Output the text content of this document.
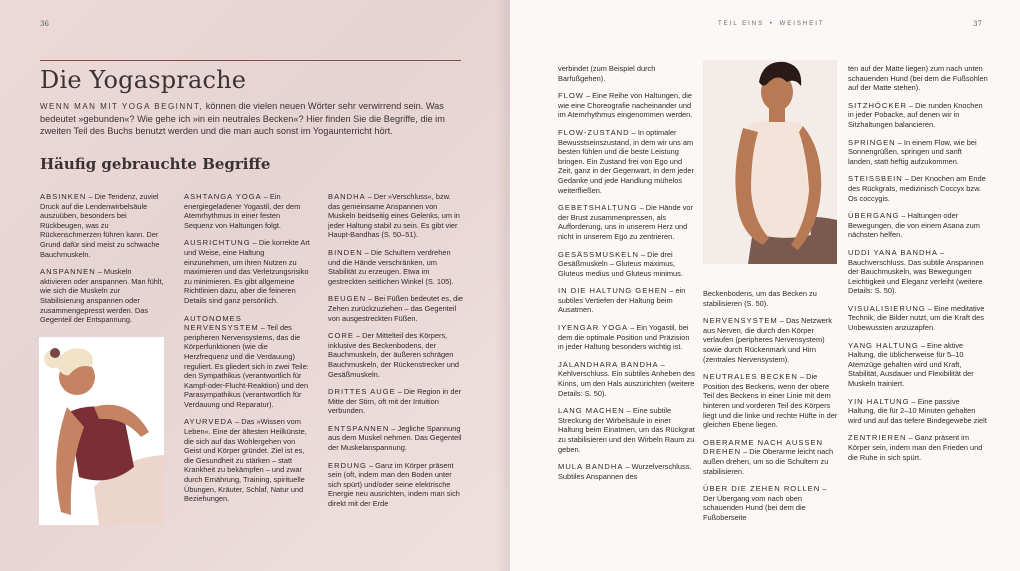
36
Die Yogasprache
WENN MAN MIT YOGA BEGINNT, können die vielen neuen Wörter sehr verwirrend sein. Was bedeutet »gebunden«? Wie gehe ich »in ein neutrales Becken«? Hier finden Sie die Begriffe, die im zweiten Teil des Buchs benutzt werden und die man auch sonst im Yogaunterricht hört.
Häufig gebrauchte Begriffe

ABSINKEN – Die Tendenz, zuviel Druck auf die Lendenwirbelsäule auszuüben, besonders bei Rückbeugen, was zu Rückenschmerzen führen kann. Der Grund dafür sind meist zu schwache Bauchmuskeln.

ANSPANNEN – Muskeln aktivieren oder anspannen. Man fühlt, wie sich die Muskeln zur Stabilisierung anspannen oder zusammengepresst werden. Das Gegenteil der Entspannung.

ASHTANGA YOGA – Ein energiegeladener Yogastil, der dem Atemrhythmus in einer festen Sequenz von Haltungen folgt.

AUSRICHTUNG – Die korrekte Art und Weise, eine Haltung einzunehmen, um ihren Nutzen zu maximieren und das Verletzungsrisiko zu minimieren. Es gibt allgemeine Richtlinien dazu, aber die feineren Details sind ganz persönlich.

AUTONOMES NERVENSYSTEM – Teil des peripheren Nervensystems, das die Körperfunktionen (wie die Herzfrequenz und die Verdauung) reguliert. Es gliedert sich in zwei Teile: den Sympathikus (verantwortlich für Kampf-oder-Flucht-Reaktion) und den Parasympathikus (verantwortlich für Verdauung und Reparatur).

AYURVEDA – Das »Wissen vom Leben«. Eine der ältesten Heilkünste, die sich auf das Wohlergehen von Geist und Körper gründet. Ziel ist es, die Gesundheit zu stärken – statt Krankheit zu bekämpfen – und zwar durch Ernährung, Training, spirituelle Übungen, Kräuter, Schlaf, Natur und Beziehungen.

BANDHA – Der »Verschluss«, bzw. das gemeinsame Anspannen von Muskeln beidseitig eines Gelenks, um in jeder Haltung stabil zu sein. Es gibt vier Haupt-Bandhas (S. 50–51).

BINDEN – Die Schultern verdrehen und die Hände verschränken, um Stabilität zu erzeugen. Etwa im gestreckten seitlichen Winkel (S. 105).

BEUGEN – Bei Füßen bedeutet es, die Zehen zurückzuziehen – das Gegenteil von ausgestreckten Füßen.

CORE – Der Mittelteil des Körpers, inklusive des Beckenbodens, der Bauchmuskeln, der äußeren schrägen Bauchmuskeln, der Rückenstrecker und Gesäßmuskeln.

DRITTES AUGE – Die Region in der Mitte der Stirn, oft mit der Intuition verbunden.

ENTSPANNEN – Jegliche Spannung aus dem Muskel nehmen. Das Gegenteil der Muskelanspannung.

ERDUNG – Ganz im Körper präsent sein (oft, indem man den Boden unter sich spürt) und/oder seine elektrische Energie neu ausrichten, indem man sich direkt mit der Erde

TEIL EINS • WEISHEIT	37

verbindet (zum Beispiel durch Barfußgehen).

FLOW – Eine Reihe von Haltungen, die wie eine Choreografie nacheinander und im Atemrhythmus eingenommen werden.

FLOW-ZUSTAND – In optimaler Bewusstseinszustand, in dem wir uns am besten fühlen und die beste Leistung bringen. Ein Zustand frei von Ego und Zeit, ganz in der Gegenwart, in dem jeder Gedanke und jede Handlung mühelos weiterfließen.

GEBETSHALTUNG – Die Hände vor der Brust zusammenpressen, als Aufforderung, uns in unserem Herz und nicht in unserem Ego zu zentrieren.

GESÄSSMUSKELN – Die drei Gesäßmuskeln – Gluteus maximus, Gluteus medius und Gluteus minimus.

IN DIE HALTUNG GEHEN – ein subtiles Vertiefen der Haltung beim Ausatmen.

IYENGAR YOGA – Ein Yogastil, bei dem die optimale Position und Präzision in jeder Haltung besonders wichtig ist.

JALANDHARA BANDHA – Kehlverschluss. Ein subtiles Anheben des Kinns, um den Hals auszurichten (weitere Details: S. 50).

LANG MACHEN – Eine subtile Streckung der Wirbelsäule in einer Haltung beim Einatmen, um das Rückgrat zu stabilisieren und den Wirbeln Raum zu geben.

MULA BANDHA – Wurzelverschluss. Subtiles Anspannen des

Beckenbodens, um das Becken zu stabilisieren (S. 50).

NERVENSYSTEM – Das Netzwerk aus Nerven, die durch den Körper verlaufen (peripheres Nervensystem) sowie durch Rückenmark und Hirn (zentrales Nervensystem).

NEUTRALES BECKEN – Die Position des Beckens, wenn der obere Teil des Beckens in einer Linie mit dem hinteren und vorderen Teil des Körpers liegt und die linke und rechte Hüfte in der gleichen Ebene liegen.

OBERARME NACH AUSSEN DREHEN – Die Oberarme leicht nach außen drehen, um so die Schultern zu stabilisieren.

ÜBER DIE ZEHEN ROLLEN – Der Übergang vom nach oben schauenden Hund (bei dem die Fußoberseite

ten auf der Matte liegen) zum nach unten schauenden Hund (bei dem die Fußsohlen auf der Matte stehen).

SITZHÖCKER – Die runden Knochen in jeder Pobacke, auf denen wir in Sitzhaltungen balancieren.

SPRINGEN – In einem Flow, wie bei Sonnengrüßen, springen und sanft landen, statt heftig aufzukommen.

STEISSBEIN – Der Knochen am Ende des Rückgrats, medizinisch Coccyx bzw. Os coccygis.

ÜBERGANG – Haltungen oder Bewegungen, die von einem Asana zum nächsten helfen.

UDDI YANA BANDHA – Bauchverschluss. Das subtile Anspannen der Bauchmuskeln, was Bewegungen Leichtigkeit und Eleganz verleiht (weitere Details: S. 50).

VISUALISIERUNG – Eine meditative Technik, die Bilder nutzt, um die Kraft des Unbewussten anzuzapfen.

YANG HALTUNG – Eine aktive Haltung, die üblicherweise für 5–10 Atemzüge gehalten wird und Kraft, Stabilität, Ausdauer und Flexibilität der Muskeln trainiert.

YIN HALTUNG – Eine passive Haltung, die für 2–10 Minuten gehalten wird und auf das tiefere Bindegewebe zielt

ZENTRIEREN – Ganz präsent im Körper sein, indem man den Frieden und die Ruhe in sich spürt.
